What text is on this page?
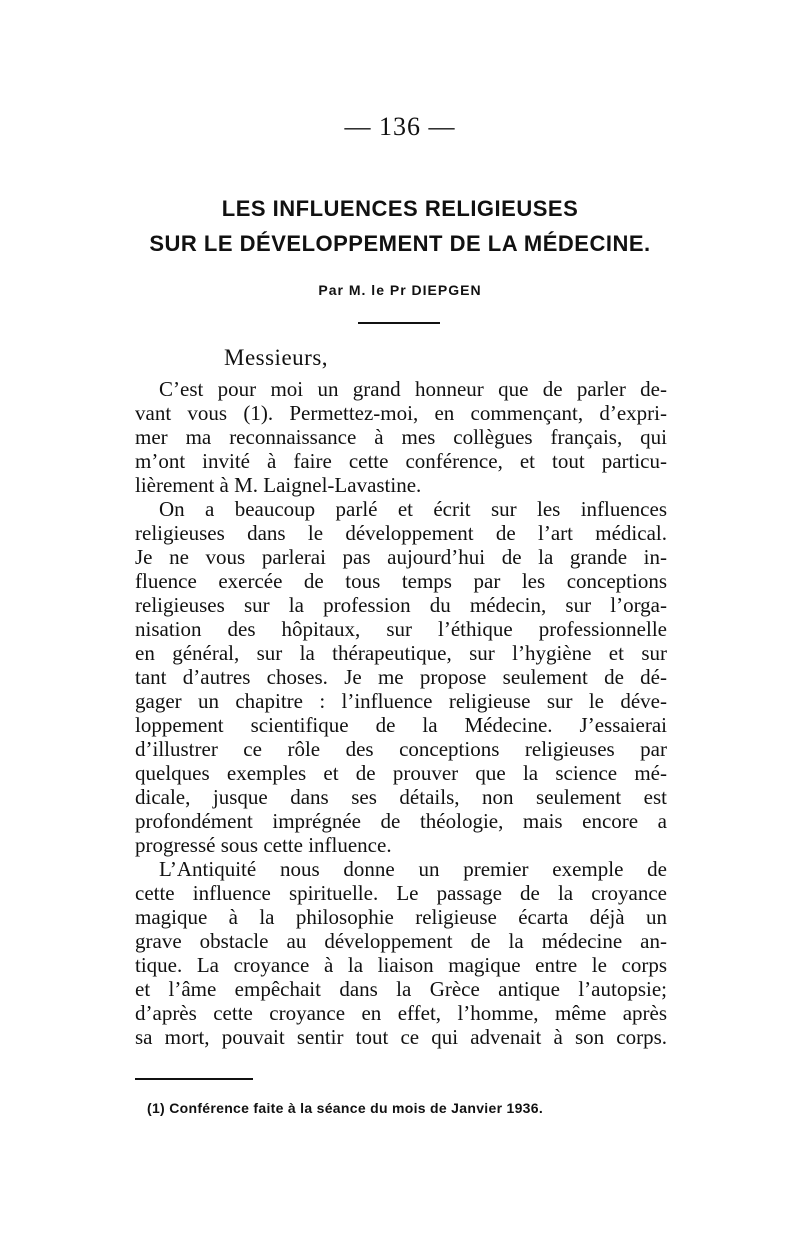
— 136 —
LES INFLUENCES RELIGIEUSES
SUR LE DÉVELOPPEMENT DE LA MÉDECINE.
Par M. le Pr DIEPGEN
Messieurs,
C’est pour moi un grand honneur que de parler de-
vant vous (1). Permettez-moi, en commençant, d’expri-
mer ma reconnaissance à mes collègues français, qui
m’ont invité à faire cette conférence, et tout particu-
lièrement à M. Laignel-Lavastine.
On a beaucoup parlé et écrit sur les influences
religieuses dans le développement de l’art médical.
Je ne vous parlerai pas aujourd’hui de la grande in-
fluence exercée de tous temps par les conceptions
religieuses sur la profession du médecin, sur l’orga-
nisation des hôpitaux, sur l’éthique professionnelle
en général, sur la thérapeutique, sur l’hygiène et sur
tant d’autres choses. Je me propose seulement de dé-
gager un chapitre : l’influence religieuse sur le déve-
loppement scientifique de la Médecine. J’essaierai
d’illustrer ce rôle des conceptions religieuses par
quelques exemples et de prouver que la science mé-
dicale, jusque dans ses détails, non seulement est
profondément imprégnée de théologie, mais encore a
progressé sous cette influence.
L’Antiquité nous donne un premier exemple de
cette influence spirituelle. Le passage de la croyance
magique à la philosophie religieuse écarta déjà un
grave obstacle au développement de la médecine an-
tique. La croyance à la liaison magique entre le corps
et l’âme empêchait dans la Grèce antique l’autopsie;
d’après cette croyance en effet, l’homme, même après
sa mort, pouvait sentir tout ce qui advenait à son corps.
(1) Conférence faite à la séance du mois de Janvier 1936.
